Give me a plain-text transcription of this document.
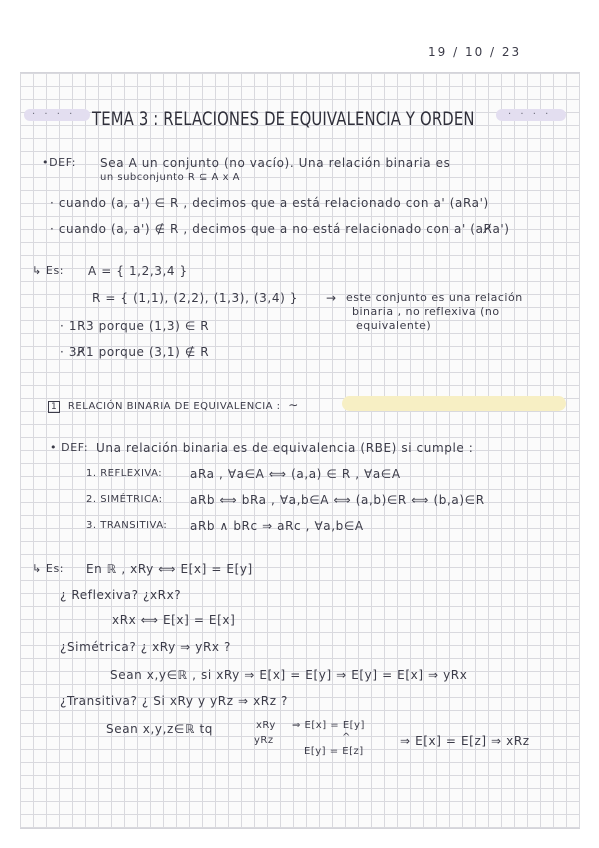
19 / 10 / 23
· · · · TEMA 3 : RELACIONES DE EQUIVALENCIA Y ORDEN	· · · ·
•DEF: Sea A un conjunto (no vacío). Una relación binaria es
un subconjunto R ⊆ A x A
· cuando (a, a') ∈ R , decimos que a está relacionado con a' (aRa')
· cuando (a, a') ∉ R , decimos que a no está relacionado con a' (aR̸a')
↳ Es: A = { 1,2,3,4 }
R = { (1,1), (2,2), (1,3), (3,4) } → este conjunto es una relación
binaria , no reflexiva (no
equivalente)
· 1R3 porque (1,3) ∈ R
· 3R̸1 porque (3,1) ∉ R
1 RELACIÓN BINARIA DE EQUIVALENCIA : ∼
• DEF: Una relación binaria es de equivalencia (RBE) si cumple :
1. REFLEXIVA: aRa , ∀a∈A ⟺ (a,a) ∈ R , ∀a∈A
2. SIMÉTRICA: aRb ⟺ bRa , ∀a,b∈A ⟺ (a,b)∈R ⟺ (b,a)∈R
3. TRANSITIVA: aRb ∧ bRc ⇒ aRc , ∀a,b∈A
↳ Es: En ℝ , xRy ⟺ E[x] = E[y]
¿ Reflexiva? ¿xRx?
xRx ⟺ E[x] = E[x]
¿Simétrica? ¿ xRy ⇒ yRx ?
Sean x,y∈ℝ , si xRy ⇒ E[x] = E[y] ⇒ E[y] = E[x] ⇒ yRx
¿Transitiva? ¿ Si xRy y yRz ⇒ xRz ?
Sean x,y,z∈ℝ tq	xRy
yRz
⇒ E[x] = E[y]
^
E[y] = E[z]
⇒ E[x] = E[z] ⇒ xRz
